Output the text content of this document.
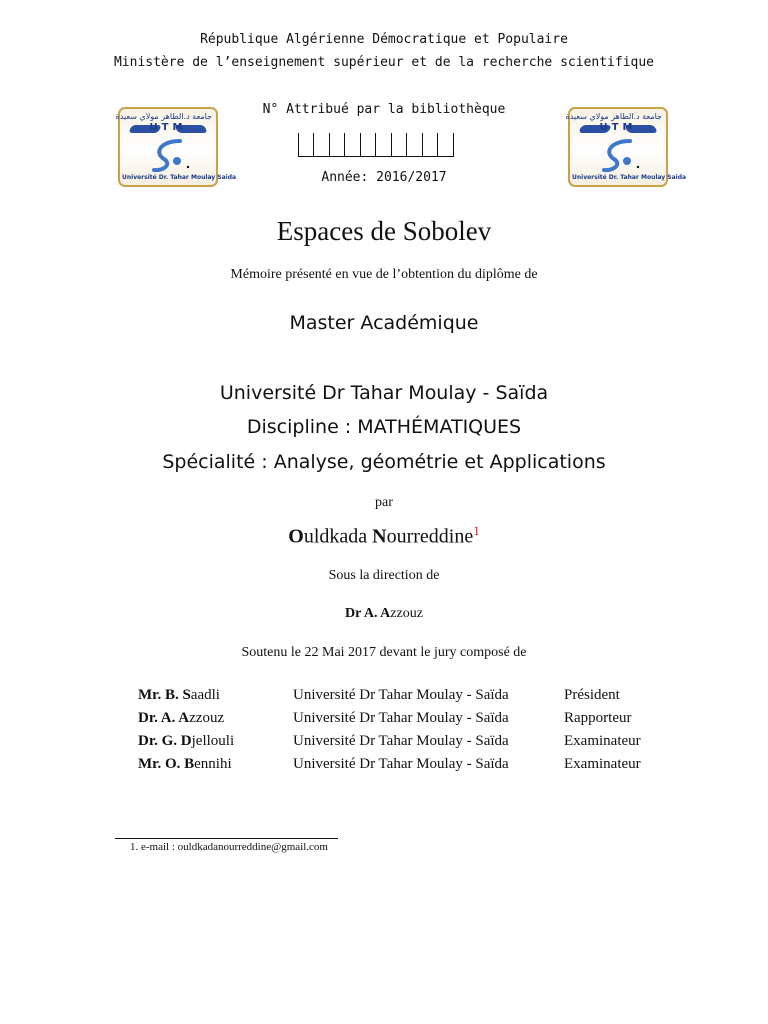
République Algérienne Démocratique et Populaire
Ministère de l’enseignement supérieur et de la recherche scientifique
جامعة د.الطاهر مولاي سعيدة
UTM
Université Dr. Tahar Moulay Saida
جامعة د.الطاهر مولاي سعيدة
UTM
Université Dr. Tahar Moulay Saida
N° Attribué par la bibliothèque
Année: 2016/2017
Espaces de Sobolev
Mémoire présenté en vue de l’obtention du diplôme de
Master Académique
Université Dr Tahar Moulay - Saïda
Discipline : MATHÉMATIQUES
Spécialité : Analyse, géométrie et Applications
par
Ouldkada Nourreddine$^1$
Sous la direction de
Dr A. Azzouz
Soutenu le 22 Mai 2017 devant le jury composé de
Mr. B. Saadli	Université Dr Tahar Moulay - Saïda	Président
Dr. A. Azzouz	Université Dr Tahar Moulay - Saïda	Rapporteur
Dr. G. Djellouli	Université Dr Tahar Moulay - Saïda	Examinateur
Mr. O. Bennihi	Université Dr Tahar Moulay - Saïda	Examinateur
1. e-mail : ouldkadanourreddine@gmail.com
